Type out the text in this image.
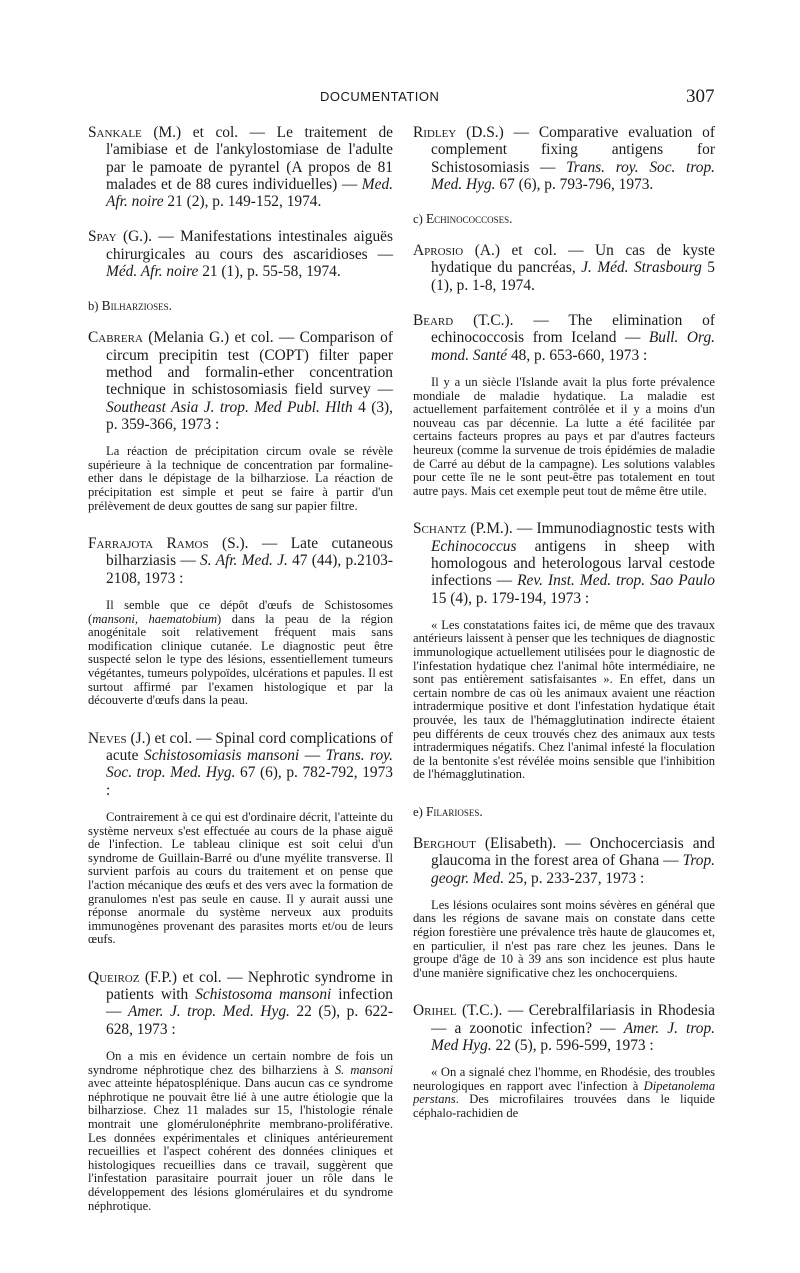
DOCUMENTATION	307

Sankale (M.) et col. — Le traitement de l'amibiase et de l'ankylostomiase de l'adulte par le pamoate de pyrantel (A propos de 81 malades et de 88 cures individuelles) — Med. Afr. noire 21 (2), p. 149-152, 1974.

Spay (G.). — Manifestations intestinales aiguës chirurgicales au cours des ascaridioses — Méd. Afr. noire 21 (1), p. 55-58, 1974.

b) Bilharzioses.

Cabrera (Melania G.) et col. — Comparison of circum precipitin test (COPT) filter paper method and formalin-ether concentration technique in schistosomiasis field survey — Southeast Asia J. trop. Med Publ. Hlth 4 (3), p. 359-366, 1973 :

La réaction de précipitation circum ovale se révèle supérieure à la technique de concentration par formaline-ether dans le dépistage de la bilharziose. La réaction de précipitation est simple et peut se faire à partir d'un prélèvement de deux gouttes de sang sur papier filtre.

Farrajota Ramos (S.). — Late cutaneous bilharziasis — S. Afr. Med. J. 47 (44), p.2103-2108, 1973 :

Il semble que ce dépôt d'œufs de Schistosomes (mansoni, haematobium) dans la peau de la région anogénitale soit relativement fréquent mais sans modification clinique cutanée. Le diagnostic peut être suspecté selon le type des lésions, essentiellement tumeurs végétantes, tumeurs polypoïdes, ulcérations et papules. Il est surtout affirmé par l'examen histologique et par la découverte d'œufs dans la peau.

Neves (J.) et col. — Spinal cord complications of acute Schistosomiasis mansoni — Trans. roy. Soc. trop. Med. Hyg. 67 (6), p. 782-792, 1973 :

Contrairement à ce qui est d'ordinaire décrit, l'atteinte du système nerveux s'est effectuée au cours de la phase aiguë de l'infection. Le tableau clinique est soit celui d'un syndrome de Guillain-Barré ou d'une myélite transverse. Il survient parfois au cours du traitement et on pense que l'action mécanique des œufs et des vers avec la formation de granulomes n'est pas seule en cause. Il y aurait aussi une réponse anormale du système nerveux aux produits immunogènes provenant des parasites morts et/ou de leurs œufs.

Queiroz (F.P.) et col. — Nephrotic syndrome in patients with Schistosoma mansoni infection — Amer. J. trop. Med. Hyg. 22 (5), p. 622-628, 1973 :

On a mis en évidence un certain nombre de fois un syndrome néphrotique chez des bilharziens à S. mansoni avec atteinte hépatosplénique. Dans aucun cas ce syndrome néphrotique ne pouvait être lié à une autre étiologie que la bilharziose. Chez 11 malades sur 15, l'histologie rénale montrait une glomérulonéphrite membrano-proliférative. Les données expérimentales et cliniques antérieurement recueillies et l'aspect cohérent des données cliniques et histologiques recueillies dans ce travail, suggèrent que l'infestation parasitaire pourrait jouer un rôle dans le développement des lésions glomérulaires et du syndrome néphrotique.

Ridley (D.S.) — Comparative evaluation of complement fixing antigens for Schistosomiasis — Trans. roy. Soc. trop. Med. Hyg. 67 (6), p. 793-796, 1973.

c) Echinococcoses.

Aprosio (A.) et col. — Un cas de kyste hydatique du pancréas, J. Méd. Strasbourg 5 (1), p. 1-8, 1974.

Beard (T.C.). — The elimination of echinococcosis from Iceland — Bull. Org. mond. Santé 48, p. 653-660, 1973 :

Il y a un siècle l'Islande avait la plus forte prévalence mondiale de maladie hydatique. La maladie est actuellement parfaitement contrôlée et il y a moins d'un nouveau cas par décennie. La lutte a été facilitée par certains facteurs propres au pays et par d'autres facteurs heureux (comme la survenue de trois épidémies de maladie de Carré au début de la campagne). Les solutions valables pour cette île ne le sont peut-être pas totalement en tout autre pays. Mais cet exemple peut tout de même être utile.

Schantz (P.M.). — Immunodiagnostic tests with Echinococcus antigens in sheep with homologous and heterologous larval cestode infections — Rev. Inst. Med. trop. Sao Paulo 15 (4), p. 179-194, 1973 :

« Les constatations faites ici, de même que des travaux antérieurs laissent à penser que les techniques de diagnostic immunologique actuellement utilisées pour le diagnostic de l'infestation hydatique chez l'animal hôte intermédiaire, ne sont pas entièrement satisfaisantes ». En effet, dans un certain nombre de cas où les animaux avaient une réaction intradermique positive et dont l'infestation hydatique était prouvée, les taux de l'hémagglutination indirecte étaient peu différents de ceux trouvés chez des animaux aux tests intradermiques négatifs. Chez l'animal infesté la floculation de la bentonite s'est révélée moins sensible que l'inhibition de l'hémagglutination.

e) Filarioses.

Berghout (Elisabeth). — Onchocerciasis and glaucoma in the forest area of Ghana — Trop. geogr. Med. 25, p. 233-237, 1973 :

Les lésions oculaires sont moins sévères en général que dans les régions de savane mais on constate dans cette région forestière une prévalence très haute de glaucomes et, en particulier, il n'est pas rare chez les jeunes. Dans le groupe d'âge de 10 à 39 ans son incidence est plus haute d'une manière significative chez les onchocerquiens.

Orihel (T.C.). — Cerebralfilariasis in Rhodesia — a zoonotic infection? — Amer. J. trop. Med Hyg. 22 (5), p. 596-599, 1973 :

« On a signalé chez l'homme, en Rhodésie, des troubles neurologiques en rapport avec l'infection à Dipetanolema perstans. Des microfilaires trouvées dans le liquide céphalo-rachidien de
